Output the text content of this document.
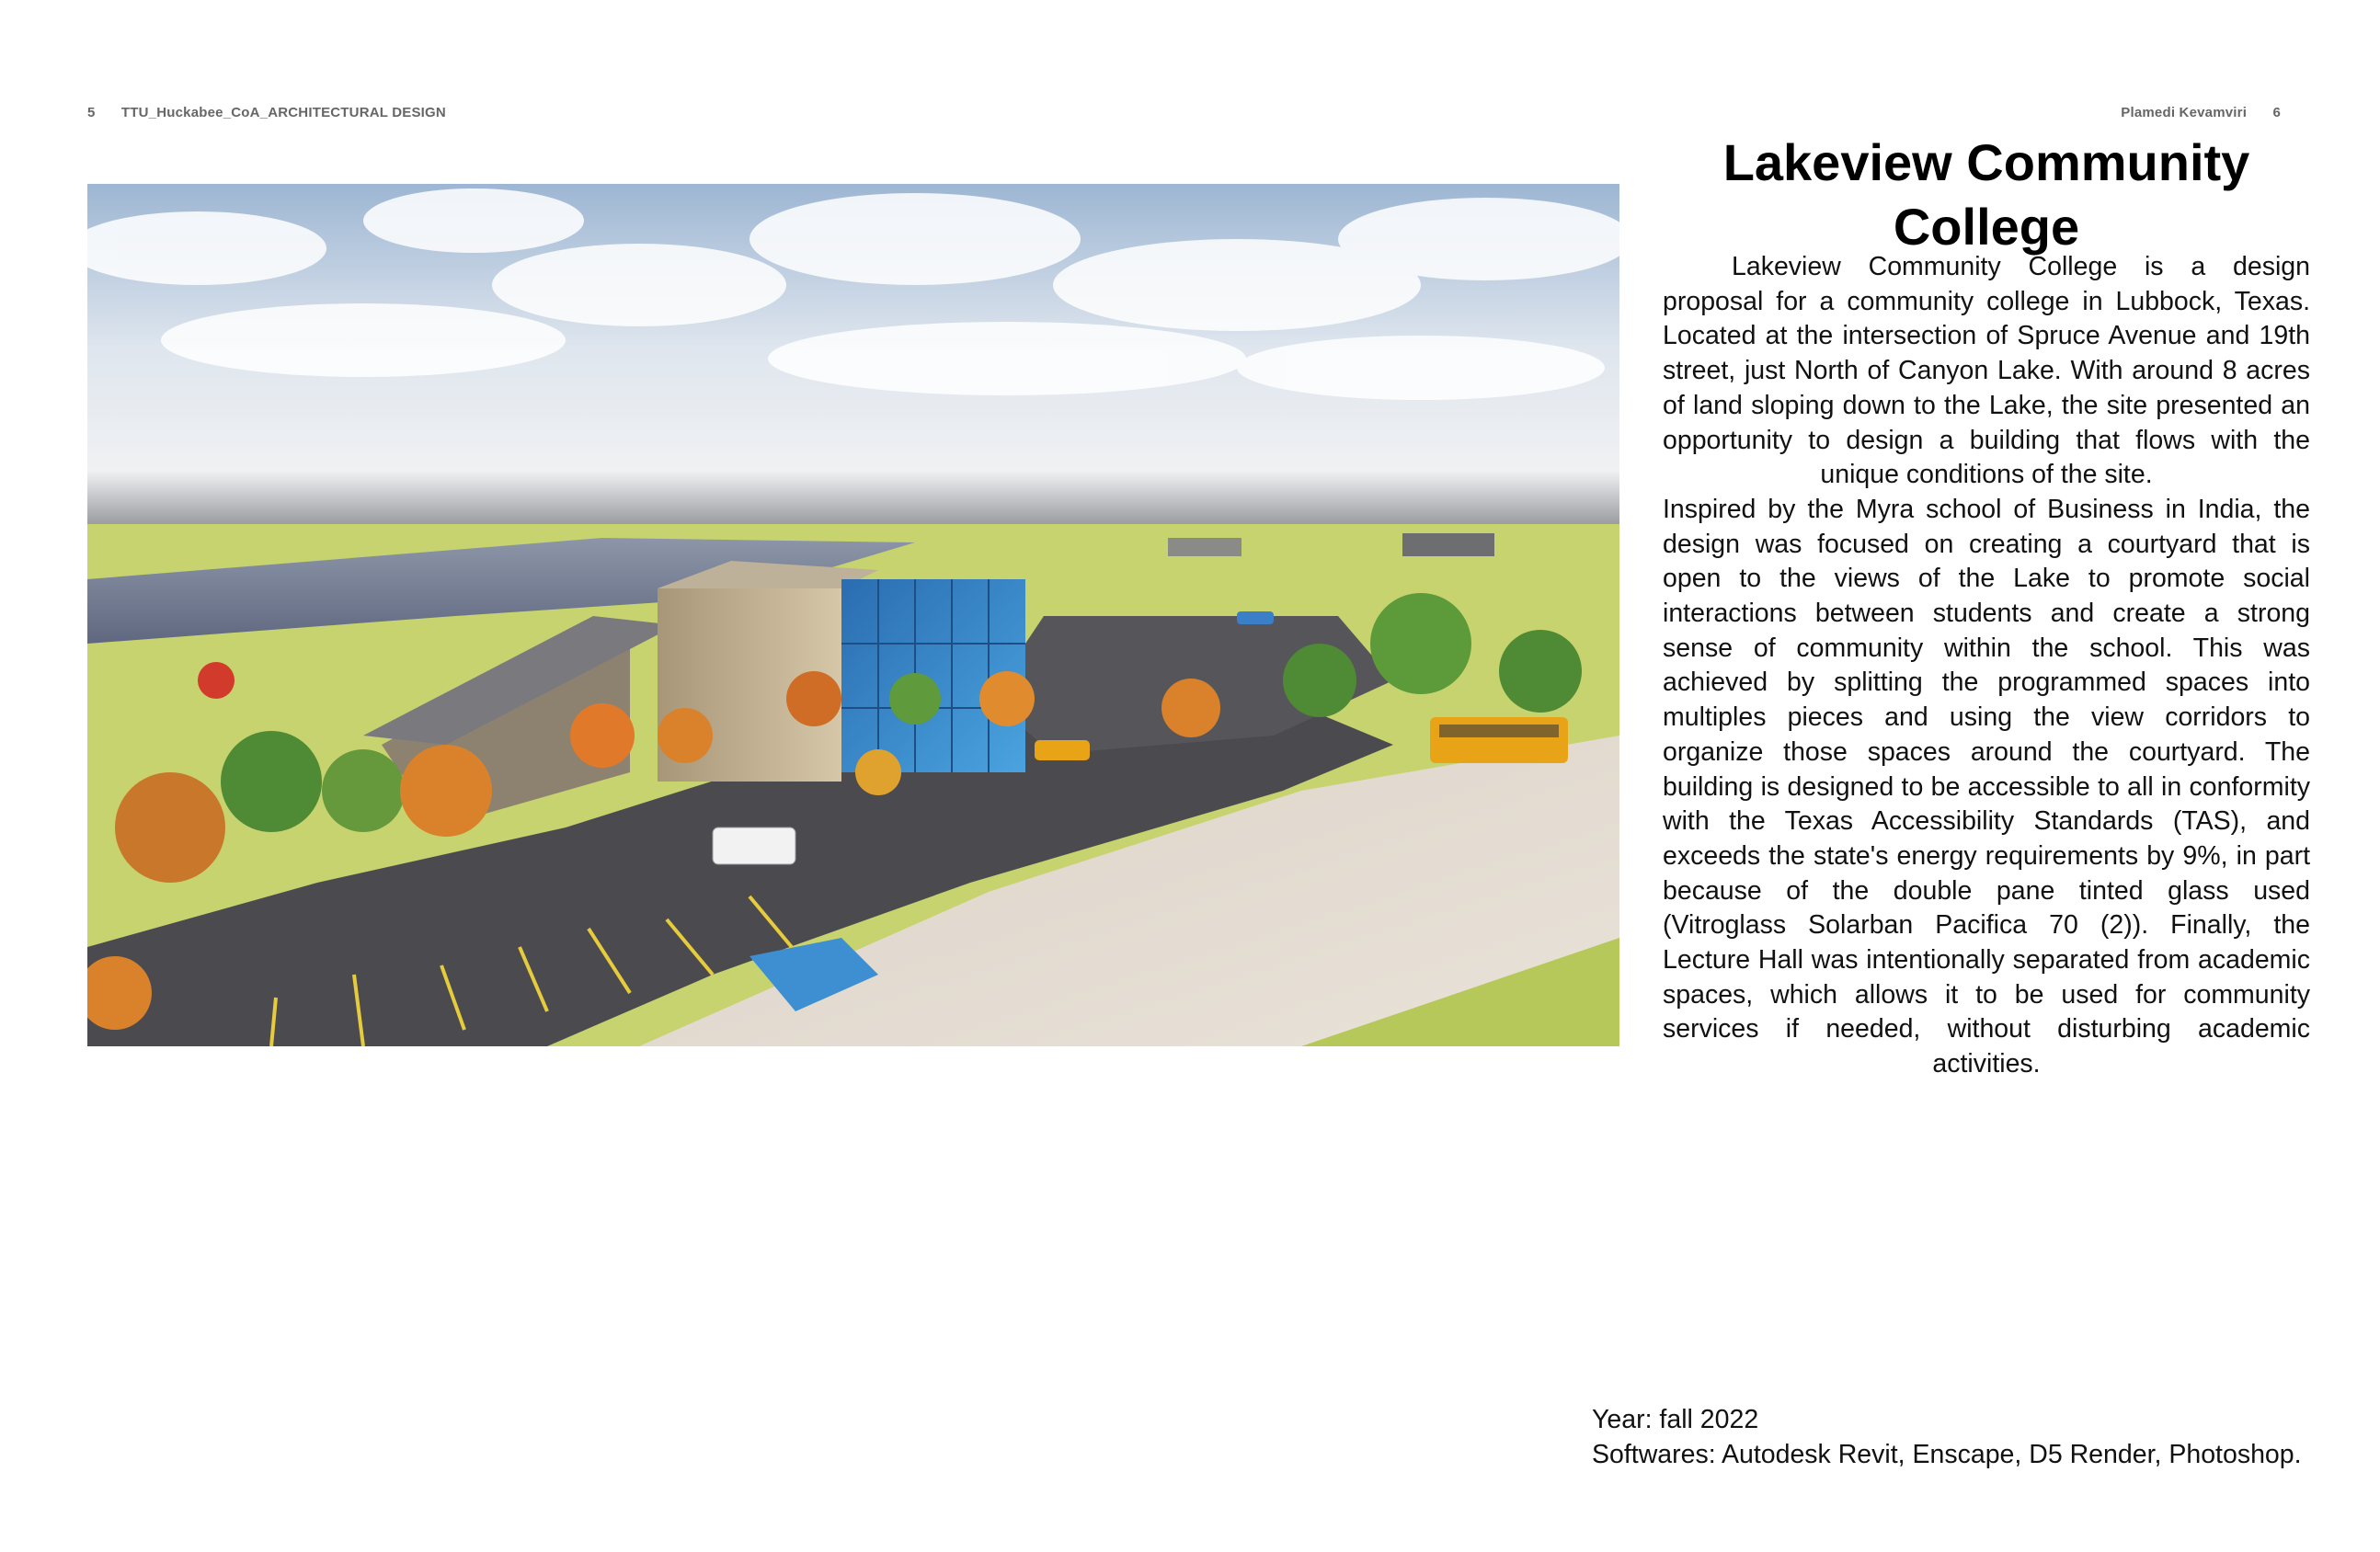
5 TTU_Huckabee_CoA_ARCHITECTURAL DESIGN	Plamedi Kevamviri 6
Lakeview Community College

Lakeview Community College is a design proposal for a community college in Lubbock, Texas. Located at the intersection of Spruce Avenue and 19th street, just North of Canyon Lake. With around 8 acres of land sloping down to the Lake, the site presented an opportunity to design a building that flows with the unique conditions of the site.

Inspired by the Myra school of Business in India, the design was focused on creating a courtyard that is open to the views of the Lake to promote social interactions between students and create a strong sense of community within the school. This was achieved by splitting the programmed spaces into multiples pieces and using the view corridors to organize those spaces around the courtyard. The building is designed to be accessible to all in conformity with the Texas Accessibility Standards (TAS), and exceeds the state's energy requirements by 9%, in part because of the double pane tinted glass used (Vitroglass Solarban Pacifica 70 (2)). Finally, the Lecture Hall was intentionally separated from academic spaces, which allows it to be used for community services if needed, without disturbing academic activities.

Year: fall 2022
Softwares: Autodesk Revit, Enscape, D5 Render, Photoshop.
